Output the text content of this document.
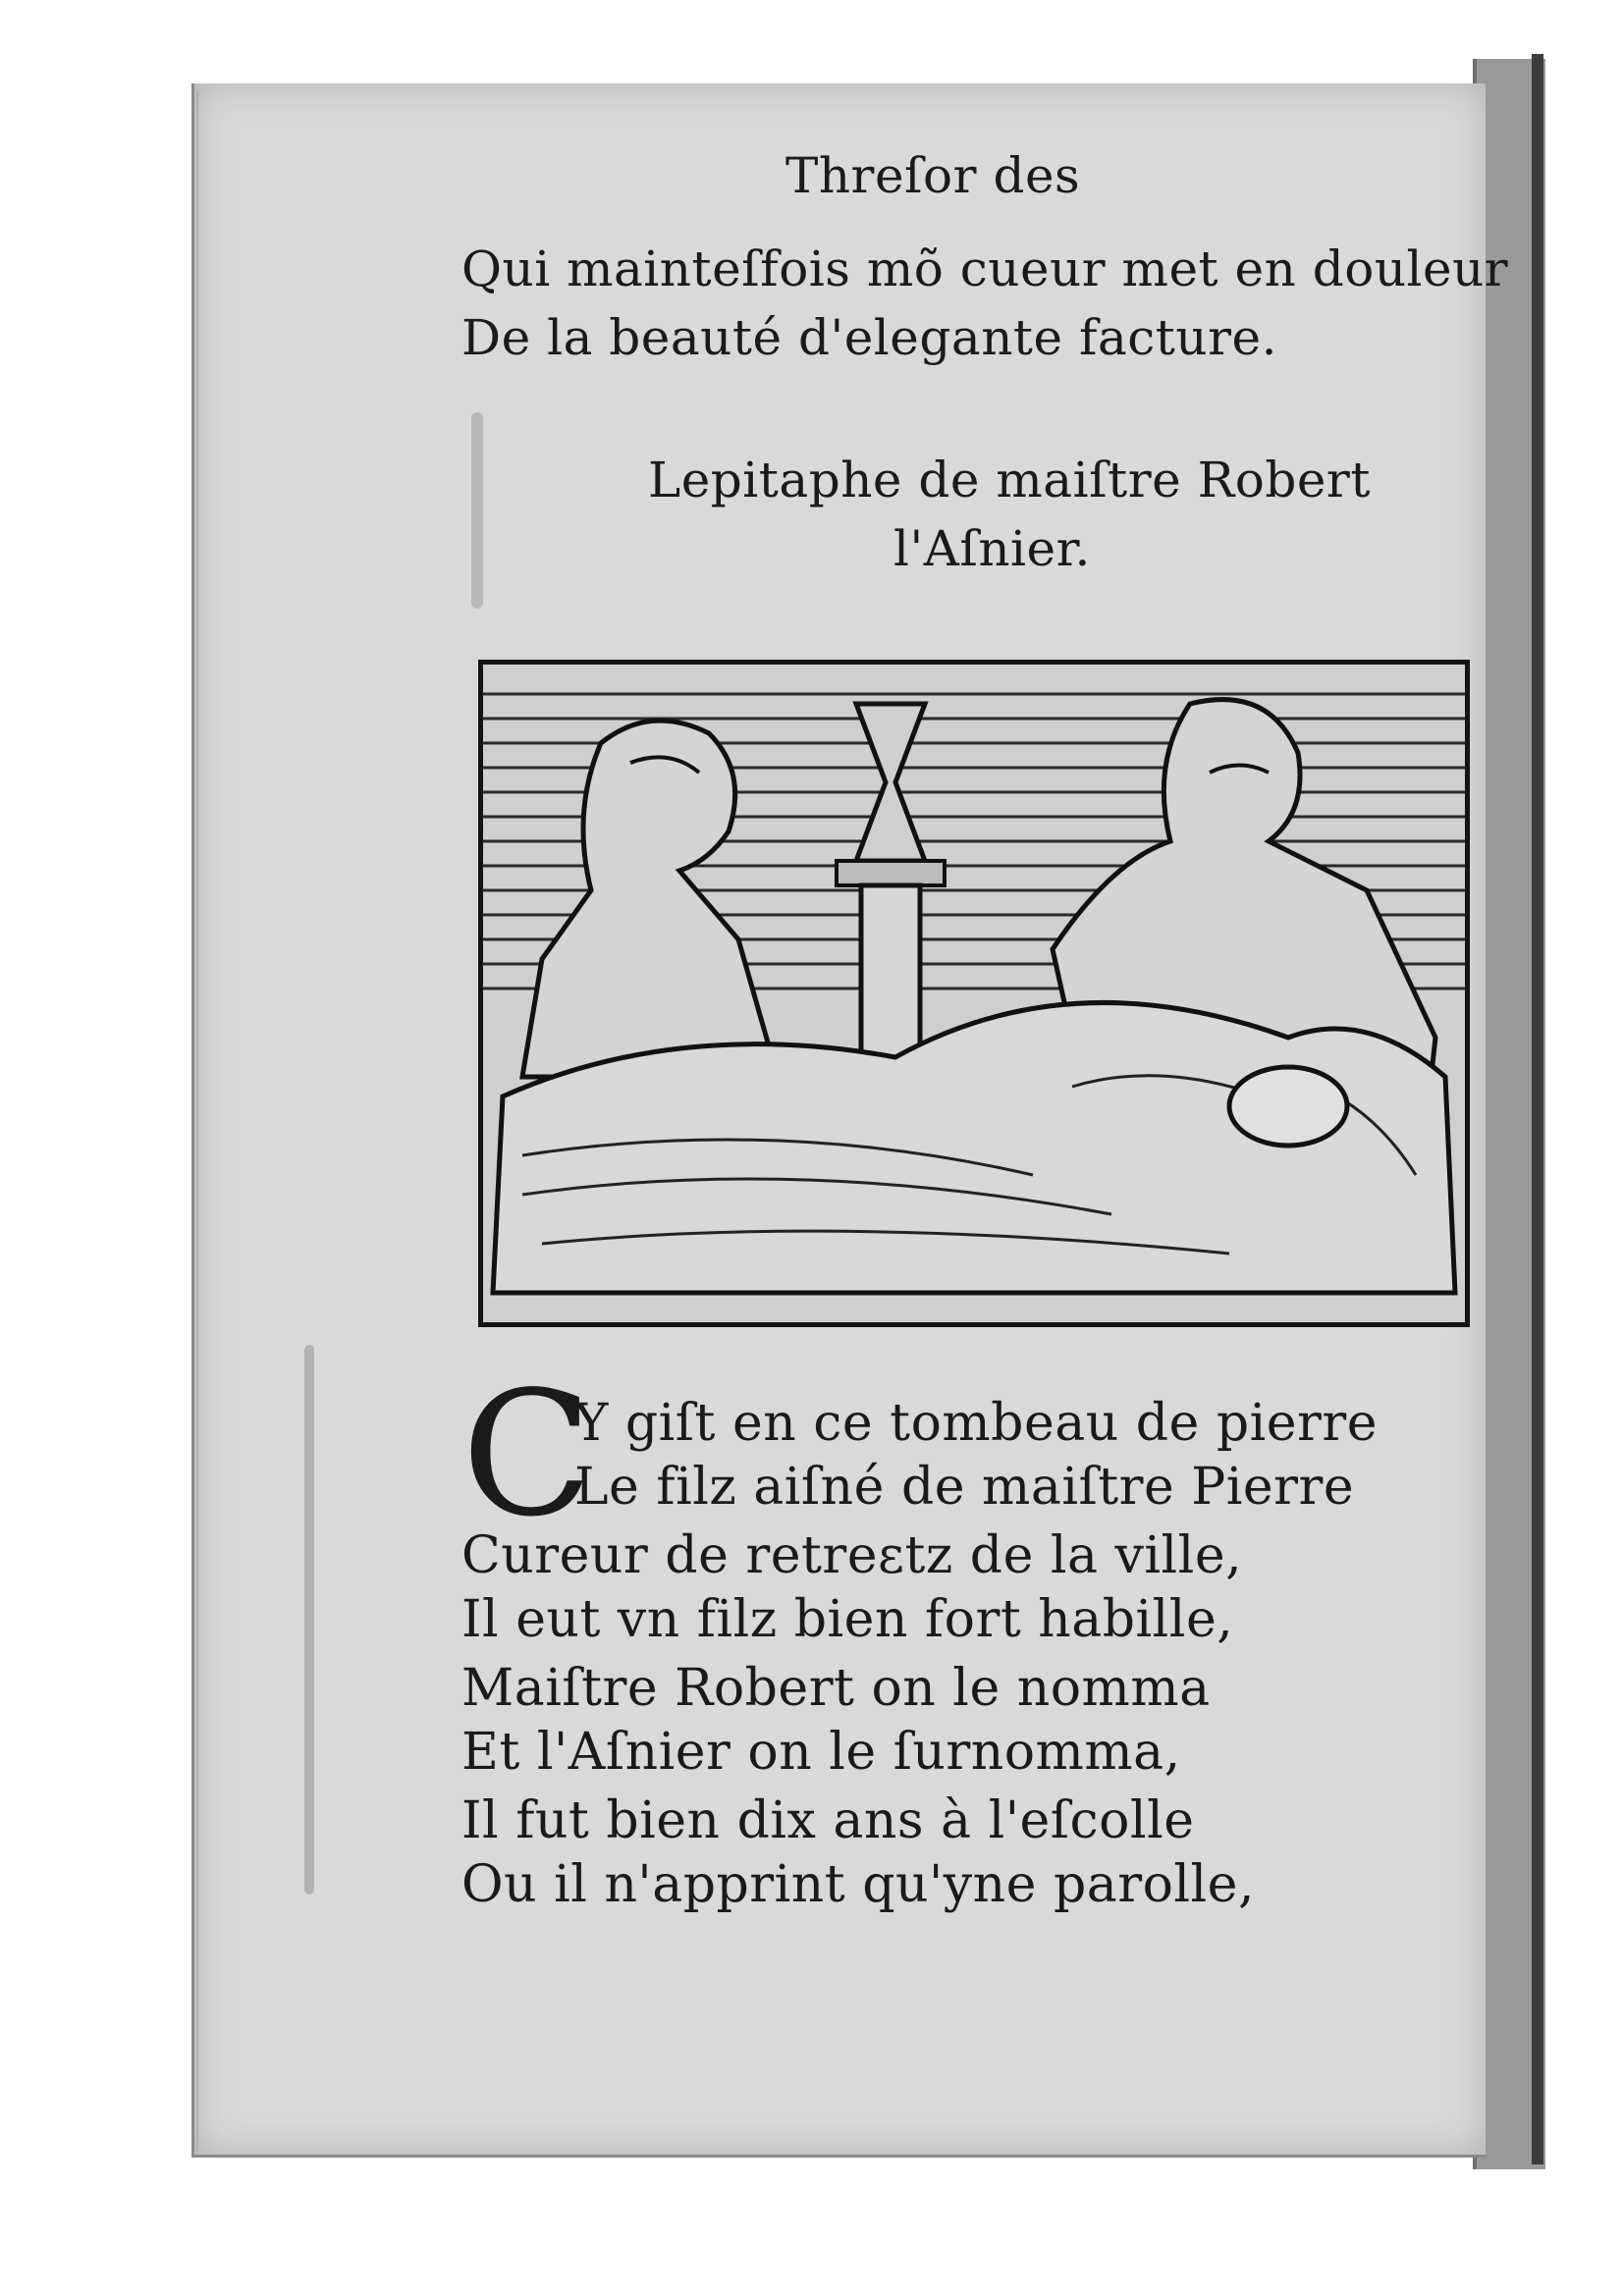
Threſor des
Qui mainteſfois mõ cueur met en douleur
De la beauté d'elegante facture.
Lepitaphe de maiſtre Robert
l'Aſnier.
C
Y giſt en ce tombeau de pierre
Le filz aiſné de maiſtre Pierre
Cureur de retreɛtz de la ville,
Il eut vn filz bien fort habille,
Maiſtre Robert on le nomma
Et l'Aſnier on le ſurnomma,
Il fut bien dix ans à l'eſcolle
Ou il n'apprint qu'yne parolle,
